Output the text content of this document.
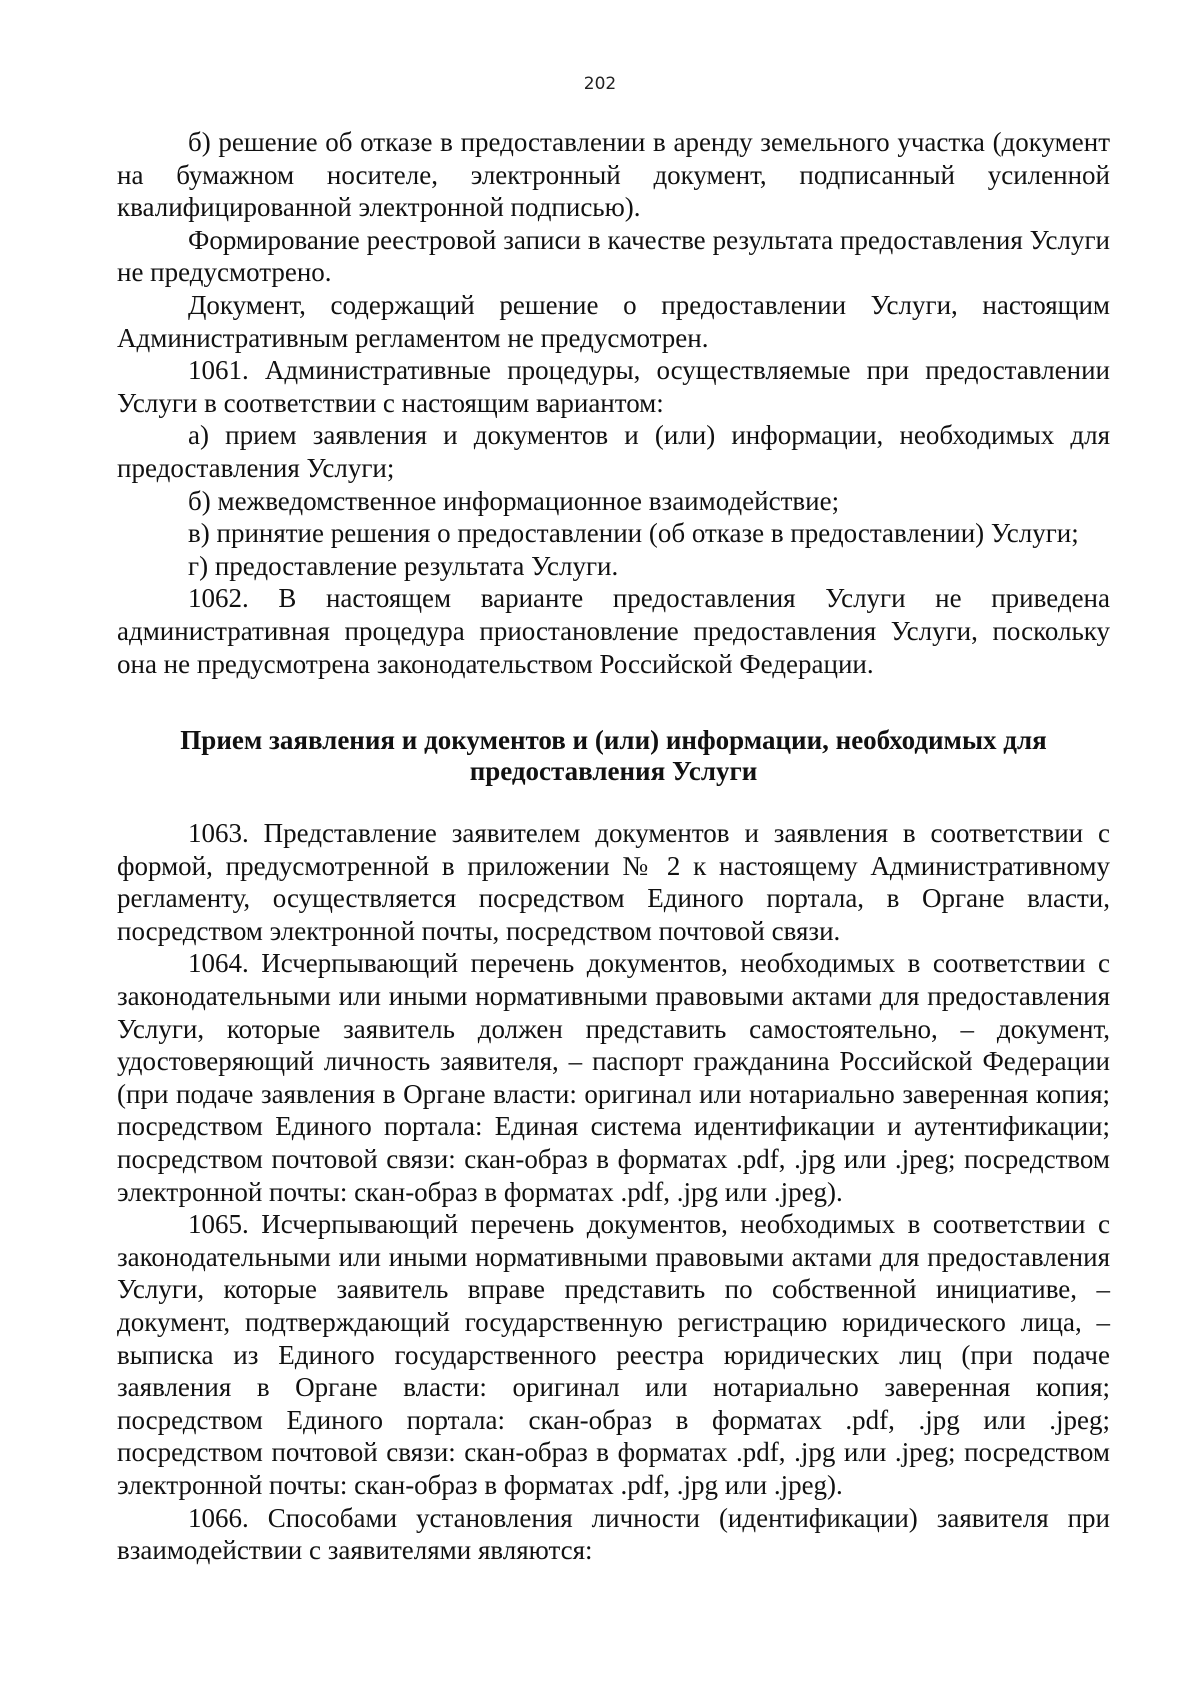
202

б) решение об отказе в предоставлении в аренду земельного участка (документ на бумажном носителе, электронный документ, подписанный усиленной квалифицированной электронной подписью).

Формирование реестровой записи в качестве результата предоставления Услуги не предусмотрено.

Документ, содержащий решение о предоставлении Услуги, настоящим Административным регламентом не предусмотрен.

1061. Административные процедуры, осуществляемые при предоставлении Услуги в соответствии с настоящим вариантом:

а) прием заявления и документов и (или) информации, необходимых для предоставления Услуги;

б) межведомственное информационное взаимодействие;

в) принятие решения о предоставлении (об отказе в предоставлении) Услуги;

г) предоставление результата Услуги.

1062. В настоящем варианте предоставления Услуги не приведена административная процедура приостановление предоставления Услуги, поскольку она не предусмотрена законодательством Российской Федерации.

Прием заявления и документов и (или) информации, необходимых для предоставления Услуги

1063. Представление заявителем документов и заявления в соответствии с формой, предусмотренной в приложении № 2 к настоящему Административному регламенту, осуществляется посредством Единого портала, в Органе власти, посредством электронной почты, посредством почтовой связи.

1064. Исчерпывающий перечень документов, необходимых в соответствии с законодательными или иными нормативными правовыми актами для предоставления Услуги, которые заявитель должен представить самостоятельно, – документ, удостоверяющий личность заявителя, – паспорт гражданина Российской Федерации (при подаче заявления в Органе власти: оригинал или нотариально заверенная копия; посредством Единого портала: Единая система идентификации и аутентификации; посредством почтовой связи: скан-образ в форматах .pdf, .jpg или .jpeg; посредством электронной почты: скан-образ в форматах .pdf, .jpg или .jpeg).

1065. Исчерпывающий перечень документов, необходимых в соответствии с законодательными или иными нормативными правовыми актами для предоставления Услуги, которые заявитель вправе представить по собственной инициативе, – документ, подтверждающий государственную регистрацию юридического лица, – выписка из Единого государственного реестра юридических лиц (при подаче заявления в Органе власти: оригинал или нотариально заверенная копия; посредством Единого портала: скан-образ в форматах .pdf, .jpg или .jpeg; посредством почтовой связи: скан-образ в форматах .pdf, .jpg или .jpeg; посредством электронной почты: скан-образ в форматах .pdf, .jpg или .jpeg).

1066. Способами установления личности (идентификации) заявителя при взаимодействии с заявителями являются:
